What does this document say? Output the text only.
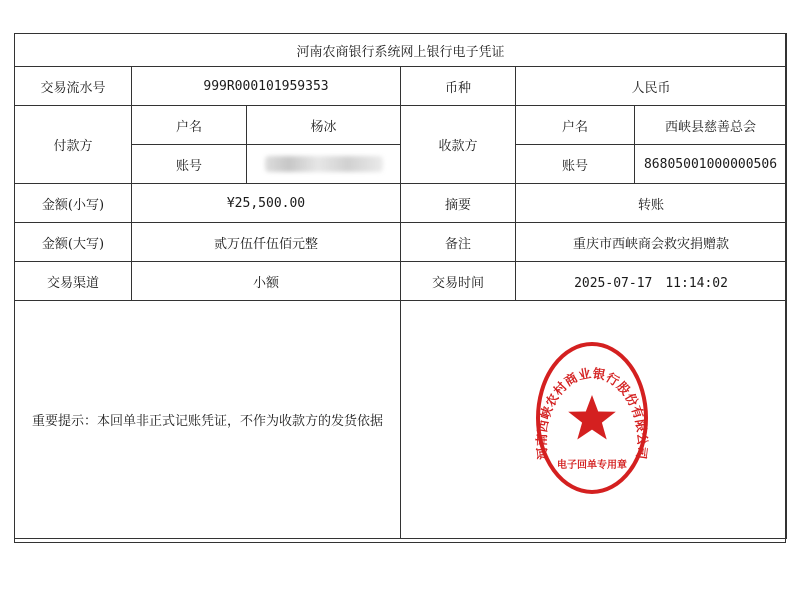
河南农商银行系统网上银行电子凭证					
交易流水号	999R000101959353		币种	人民币	
付款方	户名	杨冰	收款方	户名	西峡县慈善总会
	账号			账号	86805001000000506
金额(小写)	¥25,500.00		摘要	转账	
金额(大写)	贰万伍仟伍佰元整		备注	重庆市西峡商会救灾捐赠款	
交易渠道	小额		交易时间	2025-07-17　11:14:02	
重要提示：本回单非正式记账凭证，不作为收款方的发货依据					
河南西峡农村商业银行股份有限公司
电子回单专用章
